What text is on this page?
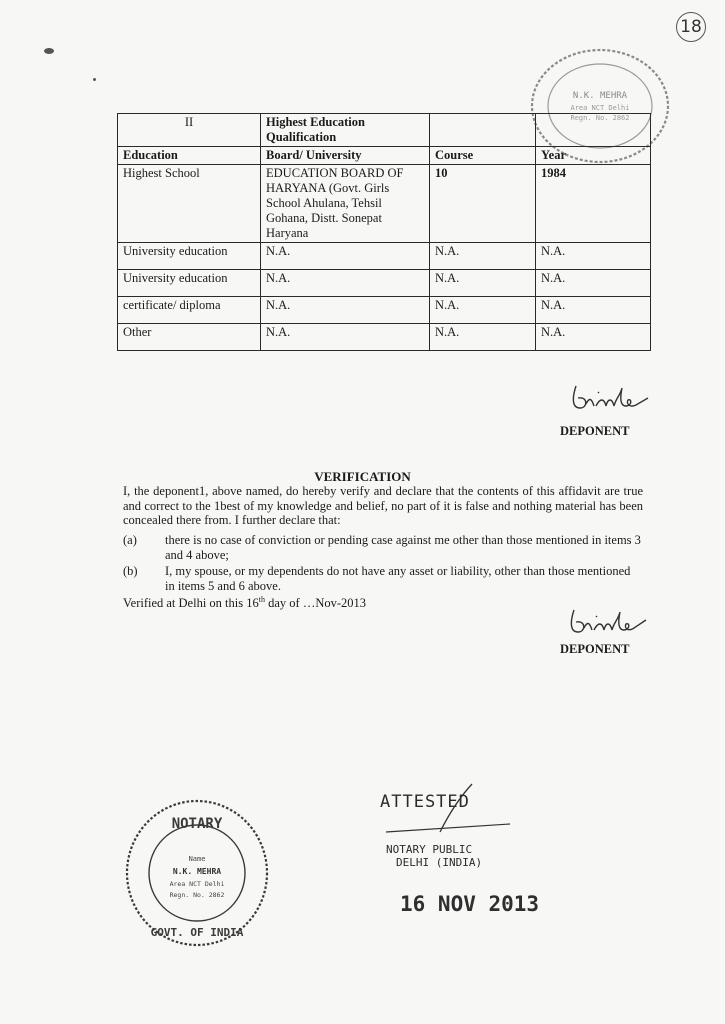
18
N.K. MEHRA
Area NCT Delhi
Regn. No. 2862
II	Highest Education Qualification		
Education	Board/ University	Course	Year
Highest School	EDUCATION BOARD OF HARYANA (Govt. Girls School Ahulana, Tehsil Gohana, Distt. Sonepat Haryana	10	1984
University education	N.A.	N.A.	N.A.
University education	N.A.	N.A.	N.A.
certificate/ diploma	N.A.	N.A.	N.A.
Other	N.A.	N.A.	N.A.
DEPONENT
VERIFICATION
I, the deponent1, above named, do hereby verify and declare that the contents of this affidavit are true and correct to the 1best of my knowledge and belief, no part of it is false and nothing material has been concealed there from. I further declare that:
(a) there is no case of conviction or pending case against me other than those mentioned in items 3 and 4 above;
(b) I, my spouse, or my dependents do not have any asset or liability, other than those mentioned in items 5 and 6 above.
Verified at Delhi on this 16th day of …Nov-2013
DEPONENT
NOTARY
Name
N.K. MEHRA
Area NCT Delhi
Regn. No. 2862
GOVT. OF INDIA
ATTESTED
NOTARY PUBLIC
DELHI (INDIA)
16 NOV 2013
